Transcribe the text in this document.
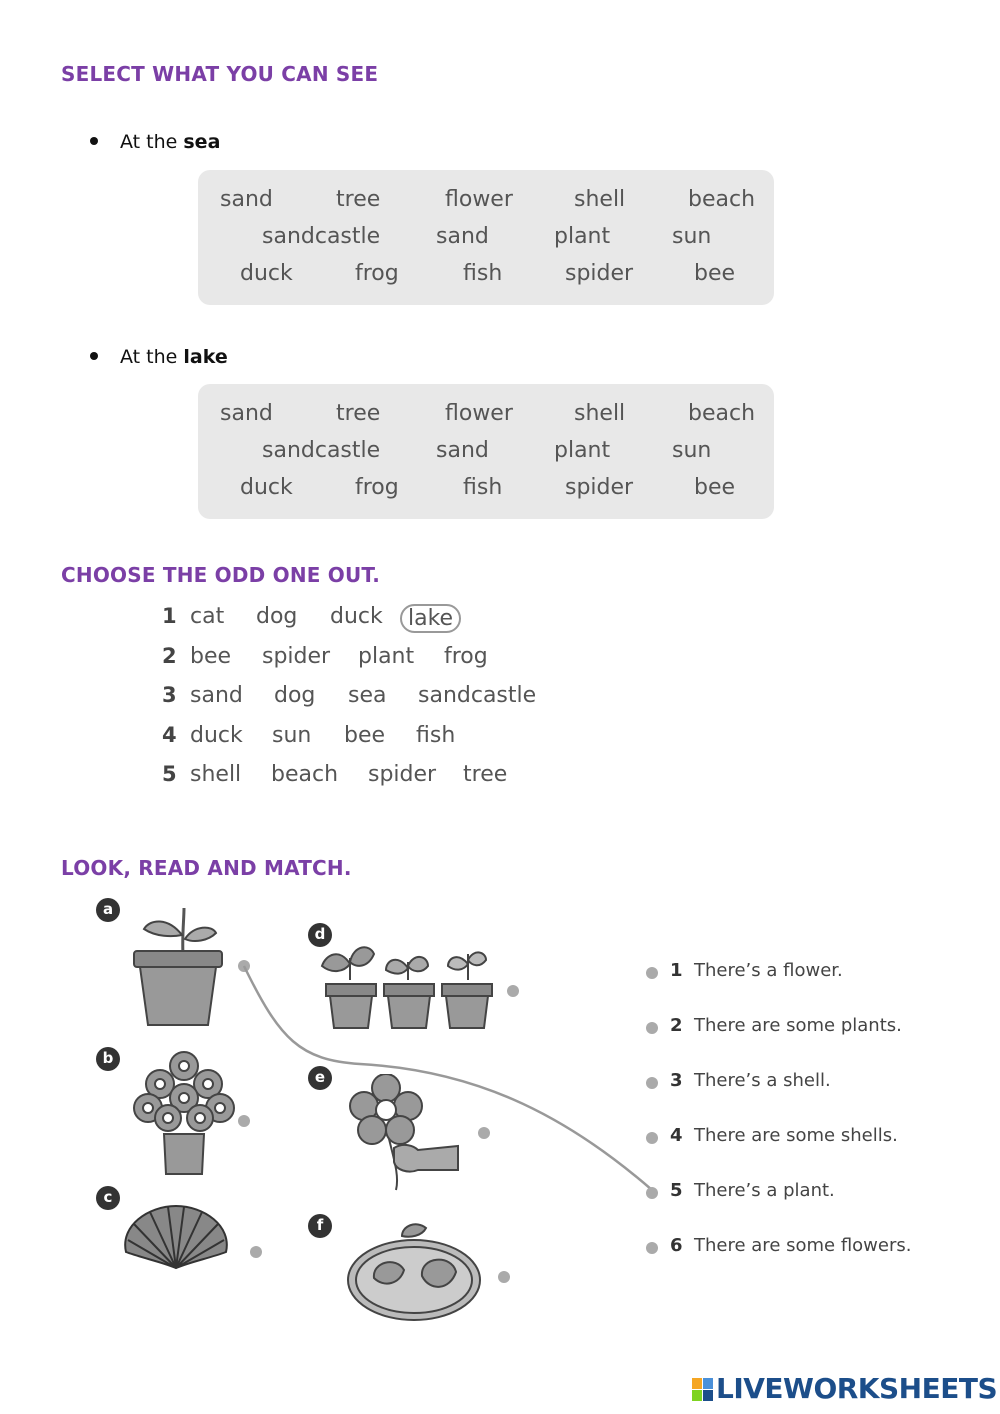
SELECT WHAT YOU CAN SEE
CHOOSE THE ODD ONE OUT.
LOOK, READ AND MATCH.
At the sea
sand	tree	flower	shell	beach
sandcastle	sand	plant	sun
duck	frog	fish	spider	bee
At the lake
sand	tree	flower	shell	beach
sandcastle	sand	plant	sun
duck	frog	fish	spider	bee
1 cat dog duck	lake
2 bee spider plant frog
3 sand dog sea sandcastle
4 duck sun bee fish
5 shell beach spider tree
a
d
b
e
c
f
1 There’s a flower.
2 There are some plants.
3 There’s a shell.
4 There are some shells.
5 There’s a plant.
6 There are some flowers.
LIVEWORKSHEETS
